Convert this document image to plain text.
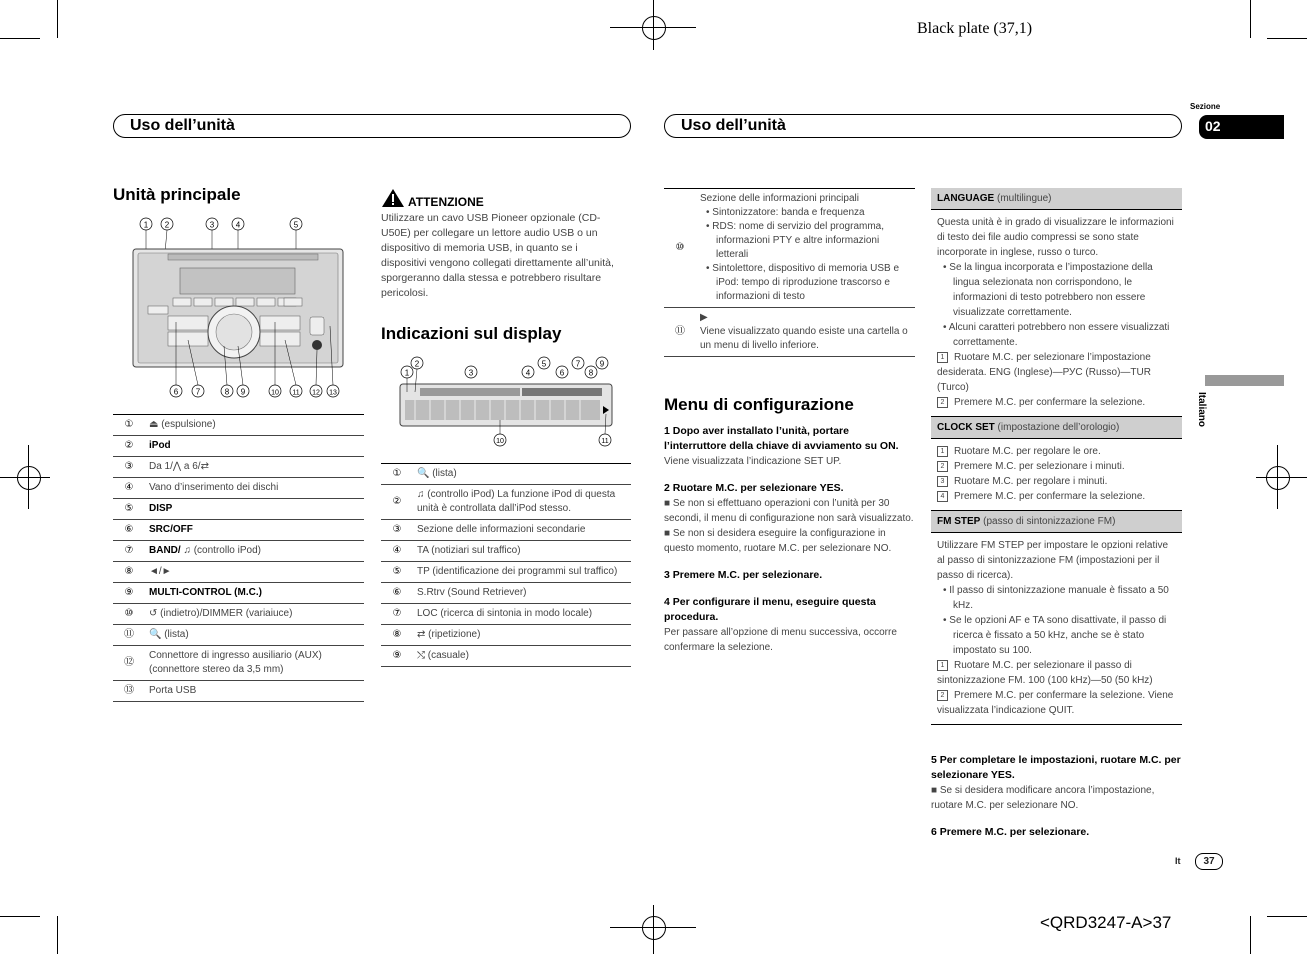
Black plate (37,1)
<QRD3247-A>37
Uso dell’unità	Uso dell’unità
Sezione
02
Italiano
Unità principale
1 2	3	4	5
6 7	8 9	10 11 12 13
①	⏏ (espulsione)
②	iPod
③	Da 1/⋀ a 6/⇄
④	Vano d’inserimento dei dischi
⑤	DISP
⑥	SRC/OFF
⑦	BAND/ ♫ (controllo iPod)
⑧	◄/►
⑨	MULTI-CONTROL (M.C.)
⑩	↺ (indietro)/DIMMER (variaiuce)
⑪	🔍 (lista)
⑫	Connettore di ingresso ausiliario (AUX) (connettore stereo da 3,5 mm)
⑬	Porta USB
ATTENZIONE
Utilizzare un cavo USB Pioneer opzionale (CD-U50E) per collegare un lettore audio USB o un dispositivo di memoria USB, in quanto se i dispositivi vengono collegati direttamente all’unità, sporgeranno dalla stessa e potrebbero risultare pericolosi.
Indicazioni sul display
1
2
3	4
5
6
7
8
9
10	11
①	🔍 (lista)
②	♫ (controllo iPod) La funzione iPod di questa unità è controllata dall’iPod stesso.
③	Sezione delle informazioni secondarie
④	TA (notiziari sul traffico)
⑤	TP (identificazione dei programmi sul traffico)
⑥	S.Rtrv (Sound Retriever)
⑦	LOC (ricerca di sintonia in modo locale)
⑧	⇄ (ripetizione)
⑨	⤭ (casuale)
⑩	Sezione delle informazioni principali
• Sintonizzatore: banda e frequenza
• RDS: nome di servizio del programma, informazioni PTY e altre informazioni letterali
• Sintolettore, dispositivo di memoria USB e iPod: tempo di riproduzione trascorso e informazioni di testo

⑪	▶
Viene visualizzato quando esiste una cartella o un menu di livello inferiore.
Menu di configurazione
1 Dopo aver installato l’unità, portare l’interruttore della chiave di avviamento su ON.
Viene visualizzata l’indicazione SET UP.
2 Ruotare M.C. per selezionare YES.
■ Se non si effettuano operazioni con l’unità per 30 secondi, il menu di configurazione non sarà visualizzato. ■ Se non si desidera eseguire la configurazione in questo momento, ruotare M.C. per selezionare NO.
3 Premere M.C. per selezionare.
4 Per configurare il menu, eseguire questa procedura.
Per passare all’opzione di menu successiva, occorre confermare la selezione.
LANGUAGE (multilingue)
Questa unità è in grado di visualizzare le informazioni di testo dei file audio compressi se sono state incorporate in inglese, russo o turco.
• Se la lingua incorporata e l’impostazione della lingua selezionata non corrispondono, le informazioni di testo potrebbero non essere visualizzate correttamente.
• Alcuni caratteri potrebbero non essere visualizzati correttamente.
1 Ruotare M.C. per selezionare l’impostazione desiderata. ENG (Inglese)—РУС (Russo)—TUR (Turco)
2 Premere M.C. per confermare la selezione.
CLOCK SET (impostazione dell’orologio)
1 Ruotare M.C. per regolare le ore.
2 Premere M.C. per selezionare i minuti.
3 Ruotare M.C. per regolare i minuti.
4 Premere M.C. per confermare la selezione.
FM STEP (passo di sintonizzazione FM)
Utilizzare FM STEP per impostare le opzioni relative al passo di sintonizzazione FM (impostazioni per il passo di ricerca).
• Il passo di sintonizzazione manuale è fissato a 50 kHz.
• Se le opzioni AF e TA sono disattivate, il passo di ricerca è fissato a 50 kHz, anche se è stato impostato su 100.
1 Ruotare M.C. per selezionare il passo di sintonizzazione FM. 100 (100 kHz)—50 (50 kHz)
2 Premere M.C. per confermare la selezione. Viene visualizzata l’indicazione QUIT.
5 Per completare le impostazioni, ruotare M.C. per selezionare YES.
■ Se si desidera modificare ancora l’impostazione, ruotare M.C. per selezionare NO.
6 Premere M.C. per selezionare.
It	37
